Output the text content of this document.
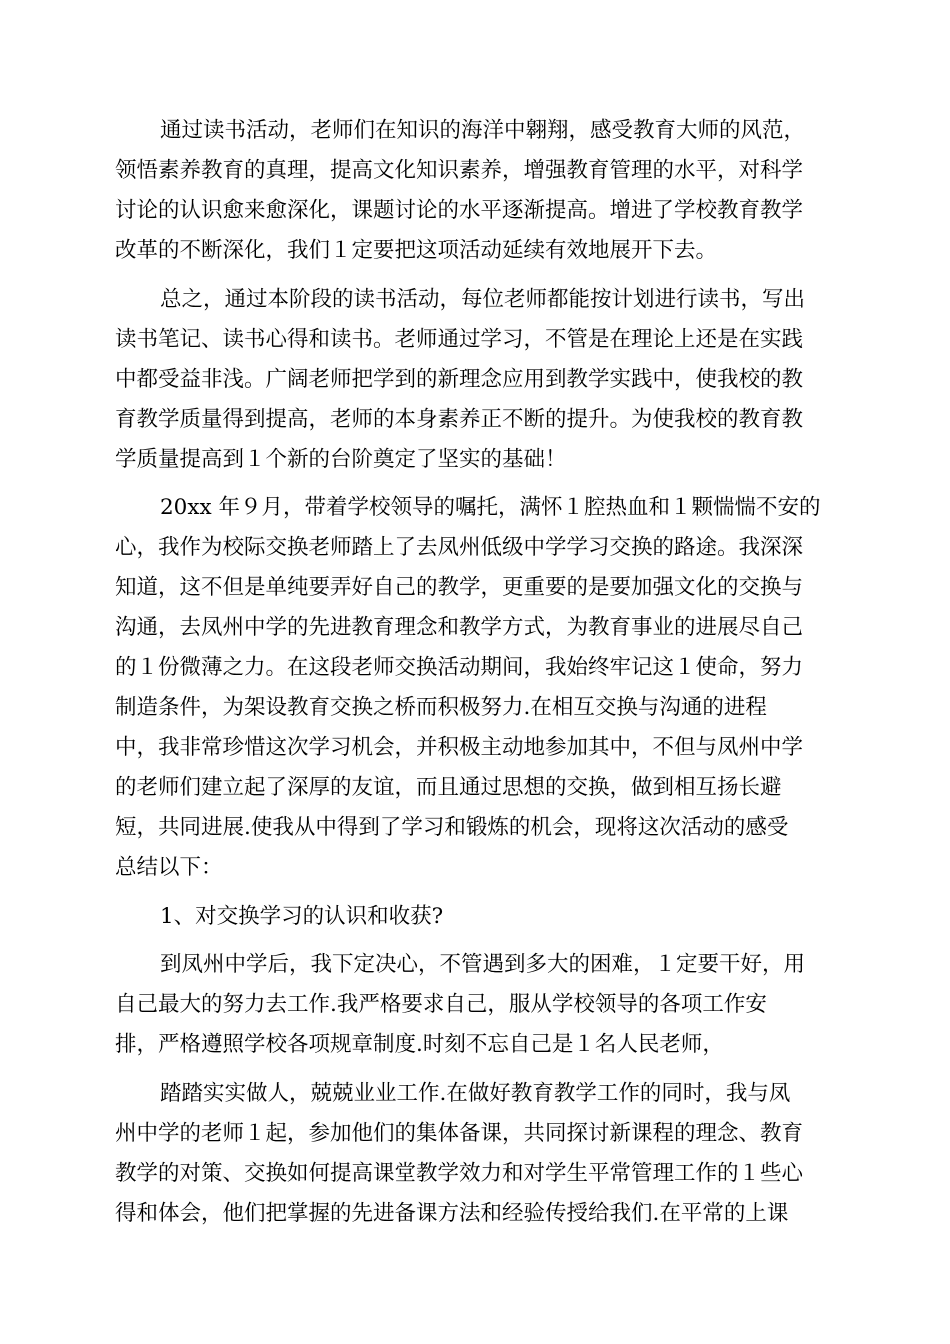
通过读书活动，老师们在知识的海洋中翱翔，感受教育大师的风范，
领悟素养教育的真理，提高文化知识素养，增强教育管理的水平，对科学
讨论的认识愈来愈深化，课题讨论的水平逐渐提高。增进了学校教育教学
改革的不断深化，我们１定要把这项活动延续有效地展开下去。
总之，通过本阶段的读书活动，每位老师都能按计划进行读书，写出
读书笔记、读书心得和读书。老师通过学习，不管是在理论上还是在实践
中都受益非浅。广阔老师把学到的新理念应用到教学实践中，使我校的教
育教学质量得到提高，老师的本身素养正不断的提升。为使我校的教育教
学质量提高到１个新的台阶奠定了坚实的基础！
20xx 年９月，带着学校领导的嘱托，满怀１腔热血和１颗惴惴不安的
心，我作为校际交换老师踏上了去凤州低级中学学习交换的路途。我深深
知道，这不但是单纯要弄好自己的教学，更重要的是要加强文化的交换与
沟通，去凤州中学的先进教育理念和教学方式，为教育事业的进展尽自己
的１份微薄之力。在这段老师交换活动期间，我始终牢记这１使命，努力
制造条件，为架设教育交换之桥而积极努力.在相互交换与沟通的进程
中，我非常珍惜这次学习机会，并积极主动地参加其中，不但与凤州中学
的老师们建立起了深厚的友谊，而且通过思想的交换，做到相互扬长避
短，共同进展.使我从中得到了学习和锻炼的机会，现将这次活动的感受
总结以下：
1、对交换学习的认识和收获?
到凤州中学后，我下定决心，不管遇到多大的困难，１定要干好，用
自己最大的努力去工作.我严格要求自己，服从学校领导的各项工作安
排，严格遵照学校各项规章制度.时刻不忘自己是１名人民老师，
踏踏实实做人，兢兢业业工作.在做好教育教学工作的同时，我与凤
州中学的老师１起，参加他们的集体备课，共同探讨新课程的理念、教育
教学的对策、交换如何提高课堂教学效力和对学生平常管理工作的１些心
得和体会，他们把掌握的先进备课方法和经验传授给我们.在平常的上课
